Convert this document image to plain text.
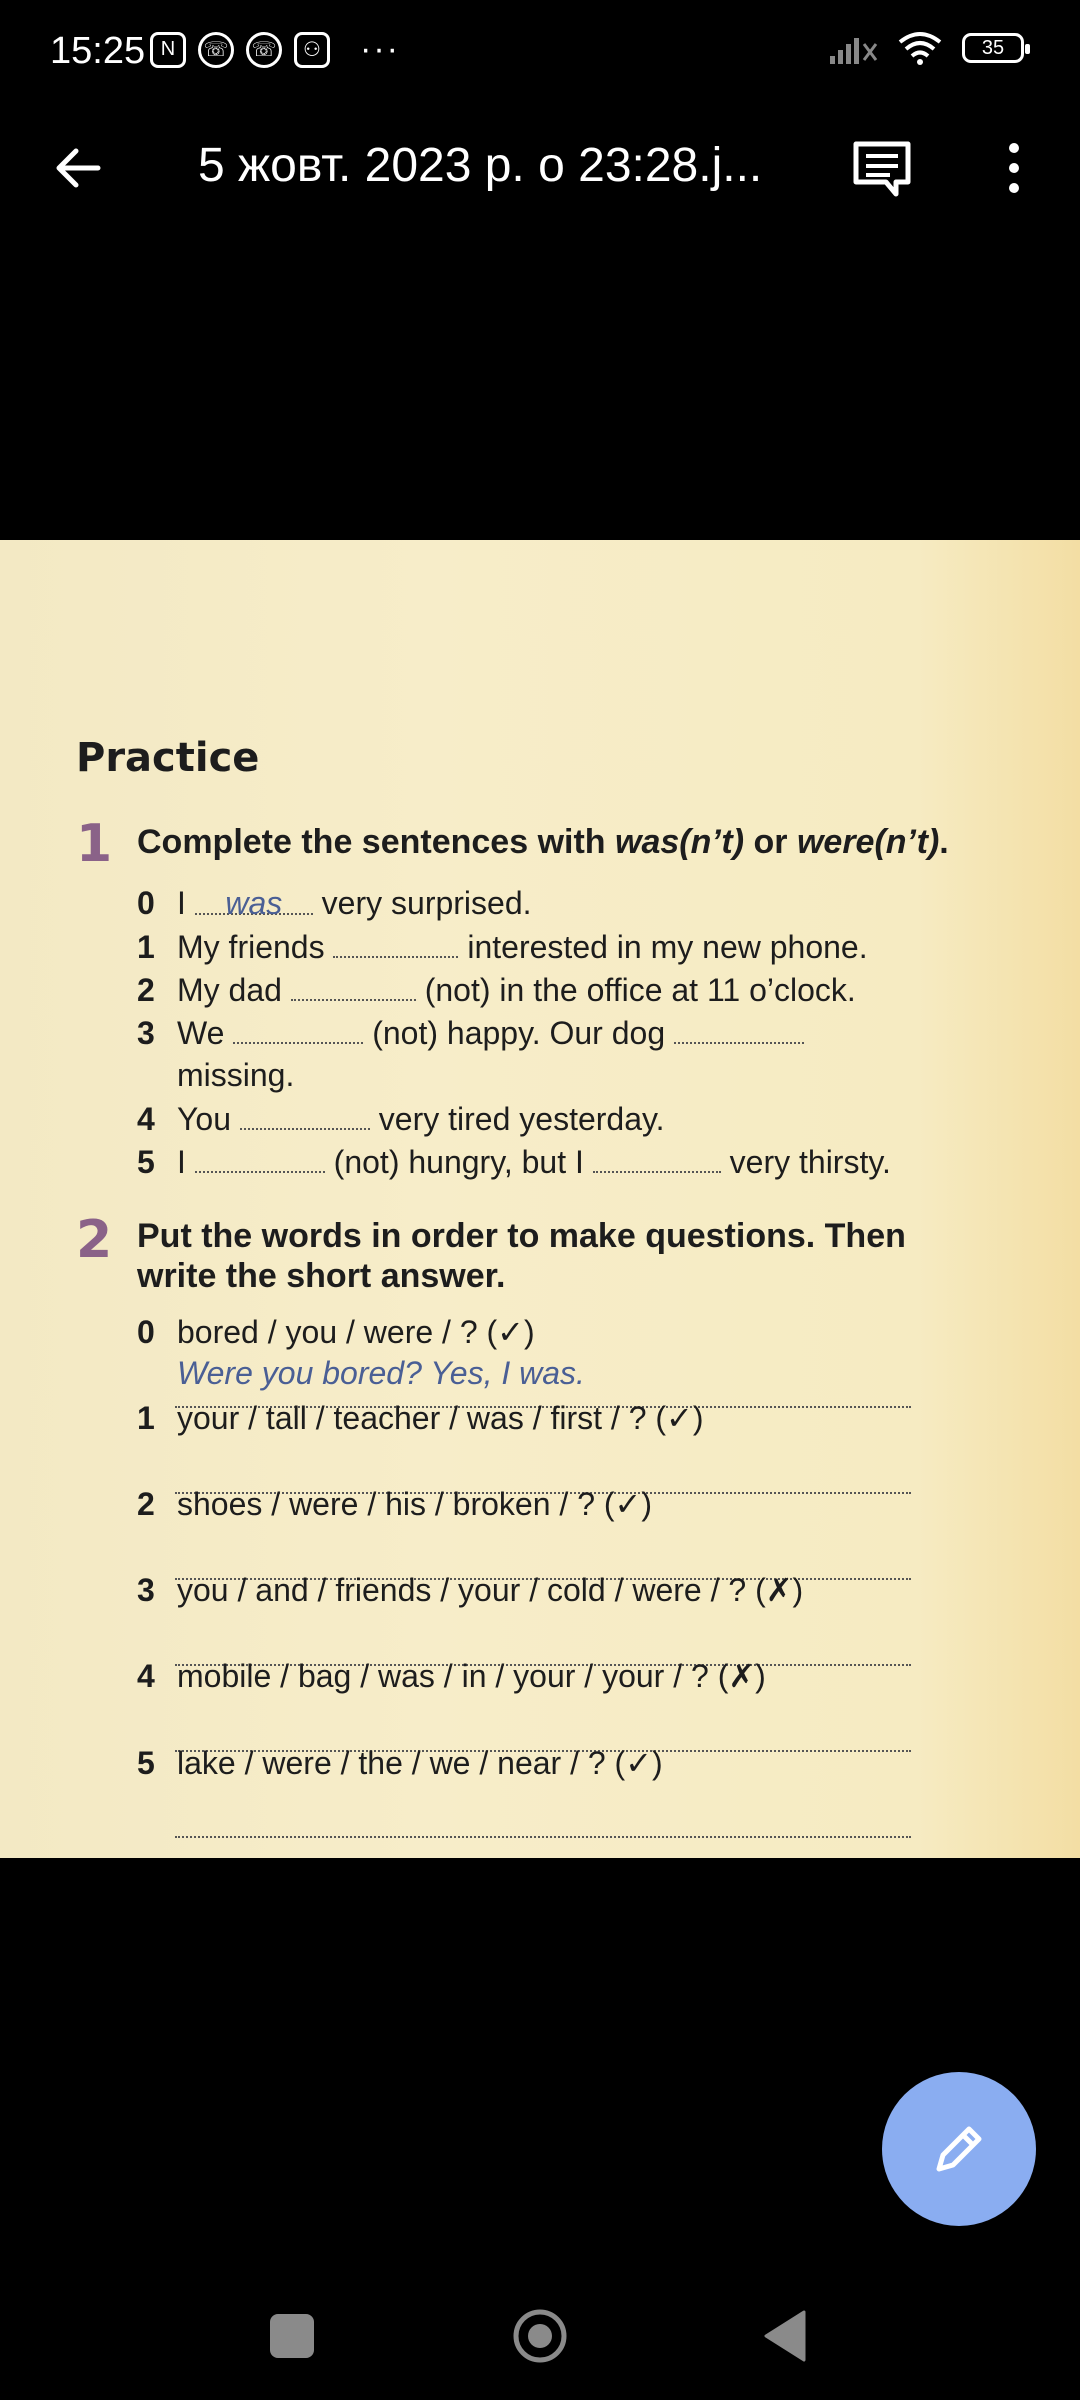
15:25 N	☏ ☏	⚇ ···	35
5 жовт. 2023 р. о 23:28.j...
Practice
1 Complete the sentences with was(n’t) or were(n’t).
0 I was very surprised.
1 My friends	interested in my new phone.
2 My dad	(not) in the office at 11 o’clock.
3 We	(not) happy. Our dog
missing.
4 You	very tired yesterday.
5 I	(not) hungry, but I	very thirsty.
2 Put the words in order to make questions. Then
write the short answer.
0 bored / you / were / ? (✓)
Were you bored? Yes, I was.
1 your / tall / teacher / was / first / ? (✓)
2 shoes / were / his / broken / ? (✓)
3 you / and / friends / your / cold / were / ? (✗)
4 mobile / bag / was / in / your / your / ? (✗)
5 lake / were / the / we / near / ? (✓)
